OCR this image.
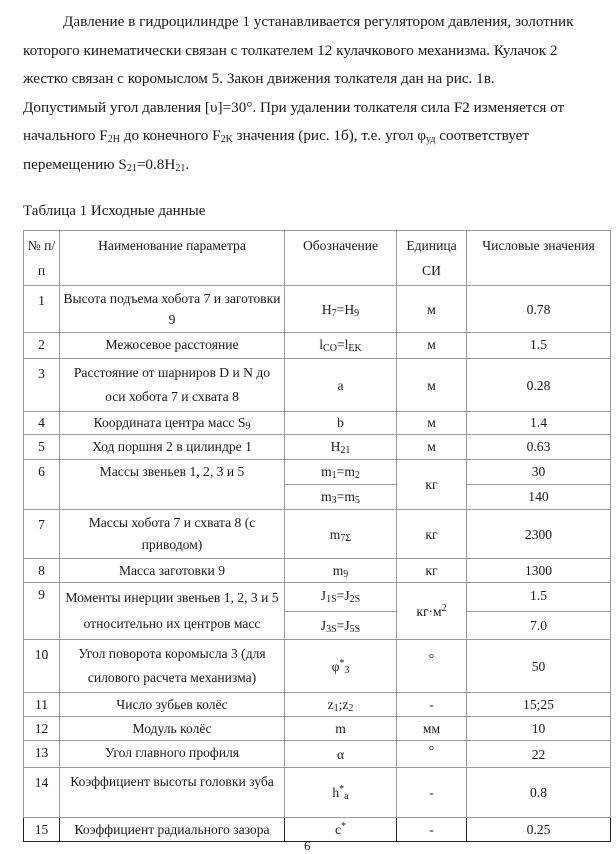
Давление в гидроцилиндре 1 устанавливается регулятором давления, золотник
которого кинематически связан с толкателем 12 кулачкового механизма. Кулачок 2
жестко связан с коромыслом 5. Закон движения толкателя дан на рис. 1в.
Допустимый угол давления [υ]=30°. При удалении толкателя сила F2 изменяется от
начального $F_{2H}$ до конечного $F_{2K}$ значения (рис. 1б), т.е. угол $\varphi_{уд}$ соответствует
перемещению $S_{21}=0.8H_{21}$.

Таблица 1 Исходные данные
№ п/п	Наименование параметра	Обозначение	Единица СИ	Числовые значения
1	Высота подъема хобота 7 и заготовки 9	$H_7=H_9$	м	0.78
2	Межосевое расстояние	$l_{CO}=l_{EK}$	м	1.5
3	Расстояние от шарниров D и N до оси хобота 7 и схвата 8	a	м	0.28
4	Координата центра масс $S_9$	b	м	1.4
5	Ход поршня 2 в цилиндре 1	$H_{21}$	м	0.63
6	Массы звеньев 1, 2, 3 и 5	$m_1=m_2$	кг	30
		$m_3=m_5$		140
7	Массы хобота 7 и схвата 8 (с приводом)	$m_{7\Sigma}$	кг	2300
8	Масса заготовки 9	$m_9$	кг	1300
9	Моменты инерции звеньев 1, 2, 3 и 5 относительно их центров масс	$J_{1S}=J_{2S}$	$кг\cdot м^2$	1.5
		$J_{3S}=J_{5S}$		7.0
10	Угол поворота коромысла 3 (для силового расчета механизма)	$\varphi^*_3$	°	50
11	Число зубьев колёс	$z_1;z_2$	-	15;25
12	Модуль колёс	m	мм	10
13	Угол главного профиля	α	°	22
14	Коэффициент высоты головки зуба	$h^*_a$	-	0.8
15	Коэффициент радиального зазора	c*	-	0.25
6
